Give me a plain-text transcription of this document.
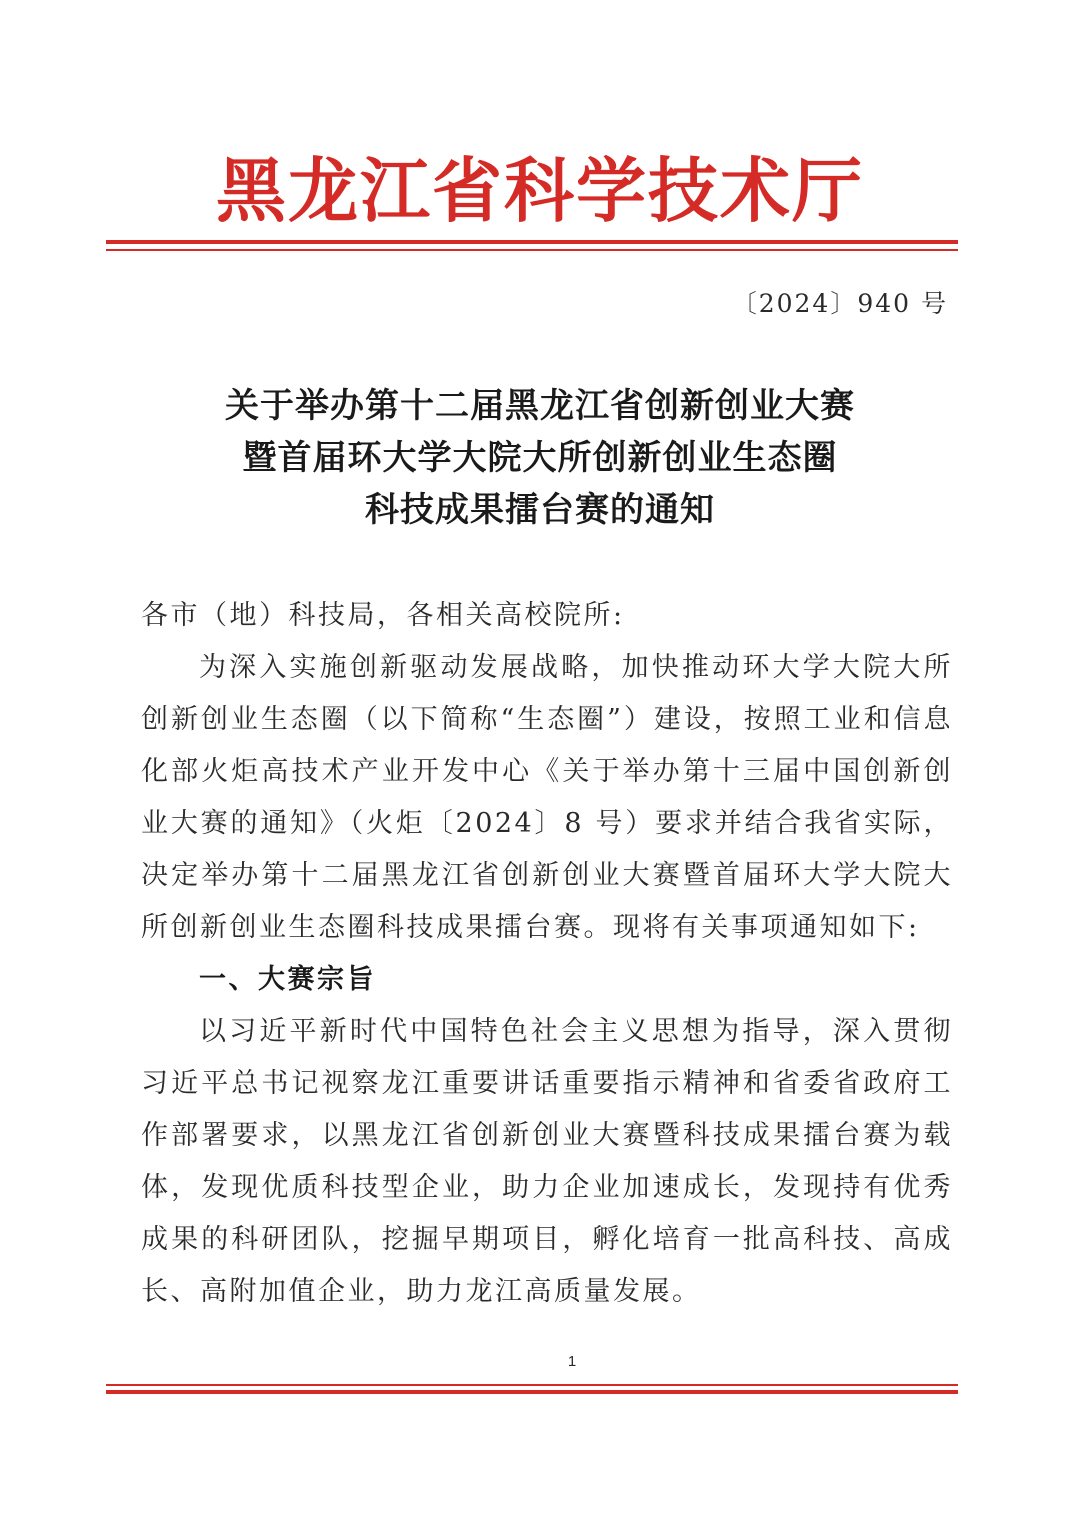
黑龙江省科学技术厅
〔2024〕940 号
关于举办第十二届黑龙江省创新创业大赛
暨首届环大学大院大所创新创业生态圈
科技成果擂台赛的通知

各市（地）科技局，各相关高校院所:

为深入实施创新驱动发展战略，加快推动环大学大院大所创新创业生态圈（以下简称“生态圈”）建设，按照工业和信息化部火炬高技术产业开发中心《关于举办第十三届中国创新创业大赛的通知》（火炬〔2024〕8 号）要求并结合我省实际，决定举办第十二届黑龙江省创新创业大赛暨首届环大学大院大所创新创业生态圈科技成果擂台赛。现将有关事项通知如下:

一、大赛宗旨

以习近平新时代中国特色社会主义思想为指导，深入贯彻习近平总书记视察龙江重要讲话重要指示精神和省委省政府工作部署要求，以黑龙江省创新创业大赛暨科技成果擂台赛为载体，发现优质科技型企业，助力企业加速成长，发现持有优秀成果的科研团队，挖掘早期项目，孵化培育一批高科技、高成长、高附加值企业，助力龙江高质量发展。

1
